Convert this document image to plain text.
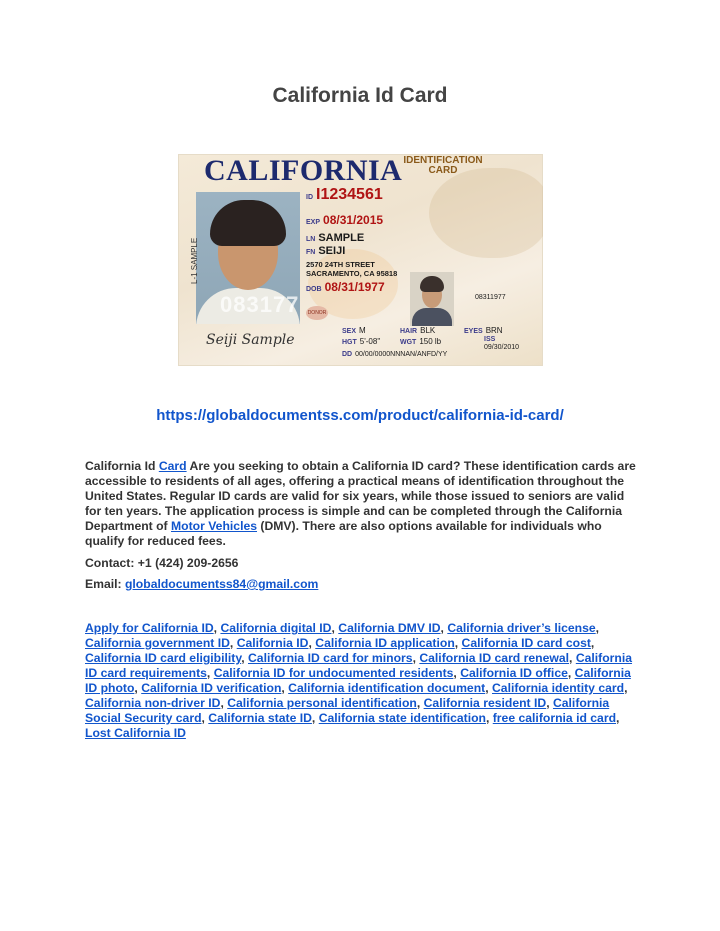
California Id Card
CALIFORNIA IDENTIFICATION
CARD
L-1 SAMPLE
083177
Seiji Sample
ID I1234561
EXP 08/31/2015
LN SAMPLE
FN SEIJI
2570 24TH STREET
SACRAMENTO, CA 95818
DOB 08/31/1977
DONOR
08311977
SEX M	HAIR BLK	EYES BRN
HGT 5'-08"	WGT 150 lb	ISS
09/30/2010
DD 00/00/0000NNNAN/ANFD/YY
https://globaldocumentss.com/product/california-id-card/

California Id Card Are you seeking to obtain a California ID card? These identification cards are accessible to residents of all ages, offering a practical means of identification throughout the United States. Regular ID cards are valid for six years, while those issued to seniors are valid for ten years. The application process is simple and can be completed through the California Department of Motor Vehicles (DMV). There are also options available for individuals who qualify for reduced fees.

Contact: +1 (424) 209-2656

Email: globaldocumentss84@gmail.com

Apply for California ID, California digital ID, California DMV ID, California driver’s license, California government ID, California ID, California ID application, California ID card cost, California ID card eligibility, California ID card for minors, California ID card renewal, California ID card requirements, California ID for undocumented residents, California ID office, California ID photo, California ID verification, California identification document, California identity card, California non-driver ID, California personal identification, California resident ID, California Social Security card, California state ID, California state identification, free california id card, Lost California ID
